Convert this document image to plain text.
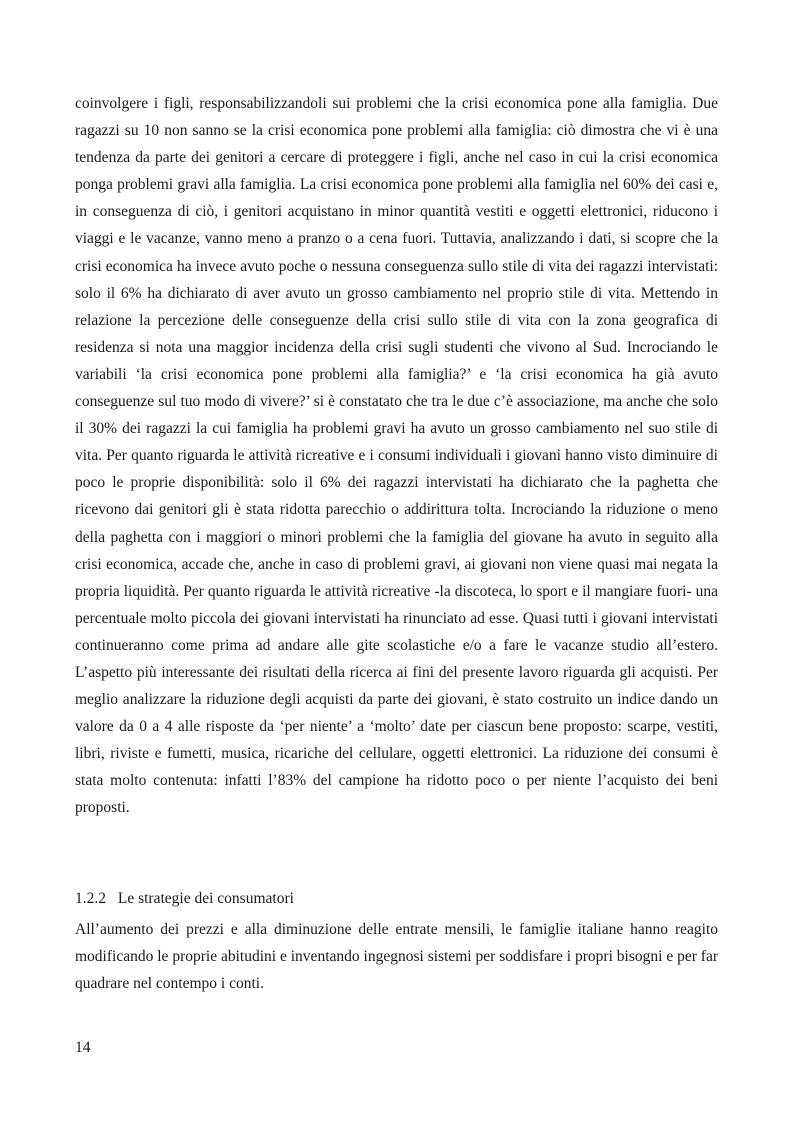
coinvolgere i figli, responsabilizzandoli sui problemi che la crisi economica pone alla famiglia. Due ragazzi su 10 non sanno se la crisi economica pone problemi alla famiglia: ciò dimostra che vi è una tendenza da parte dei genitori a cercare di proteggere i figli, anche nel caso in cui la crisi economica ponga problemi gravi alla famiglia. La crisi economica pone problemi alla famiglia nel 60% dei casi e, in conseguenza di ciò, i genitori acquistano in minor quantità vestiti e oggetti elettronici, riducono i viaggi e le vacanze, vanno meno a pranzo o a cena fuori. Tuttavia, analizzando i dati, si scopre che la crisi economica ha invece avuto poche o nessuna conseguenza sullo stile di vita dei ragazzi intervistati: solo il 6% ha dichiarato di aver avuto un grosso cambiamento nel proprio stile di vita. Mettendo in relazione la percezione delle conseguenze della crisi sullo stile di vita con la zona geografica di residenza si nota una maggior incidenza della crisi sugli studenti che vivono al Sud. Incrociando le variabili ‘la crisi economica pone problemi alla famiglia?’ e ‘la crisi economica ha già avuto conseguenze sul tuo modo di vivere?’ si è constatato che tra le due c’è associazione, ma anche che solo il 30% dei ragazzi la cui famiglia ha problemi gravi ha avuto un grosso cambiamento nel suo stile di vita. Per quanto riguarda le attività ricreative e i consumi individuali i giovani hanno visto diminuire di poco le proprie disponibilità: solo il 6% dei ragazzi intervistati ha dichiarato che la paghetta che ricevono dai genitori gli è stata ridotta parecchio o addirittura tolta. Incrociando la riduzione o meno della paghetta con i maggiori o minori problemi che la famiglia del giovane ha avuto in seguito alla crisi economica, accade che, anche in caso di problemi gravi, ai giovani non viene quasi mai negata la propria liquidità. Per quanto riguarda le attività ricreative -la discoteca, lo sport e il mangiare fuori- una percentuale molto piccola dei giovani intervistati ha rinunciato ad esse. Quasi tutti i giovani intervistati continueranno come prima ad andare alle gite scolastiche e/o a fare le vacanze studio all’estero. L’aspetto più interessante dei risultati della ricerca ai fini del presente lavoro riguarda gli acquisti. Per meglio analizzare la riduzione degli acquisti da parte dei giovani, è stato costruito un indice dando un valore da 0 a 4 alle risposte da ‘per niente’ a ‘molto’ date per ciascun bene proposto: scarpe, vestiti, libri, riviste e fumetti, musica, ricariche del cellulare, oggetti elettronici. La riduzione dei consumi è stata molto contenuta: infatti l’83% del campione ha ridotto poco o per niente l’acquisto dei beni proposti.

1.2.2 Le strategie dei consumatori

All’aumento dei prezzi e alla diminuzione delle entrate mensili, le famiglie italiane hanno reagito modificando le proprie abitudini e inventando ingegnosi sistemi per soddisfare i propri bisogni e per far quadrare nel contempo i conti.

14
